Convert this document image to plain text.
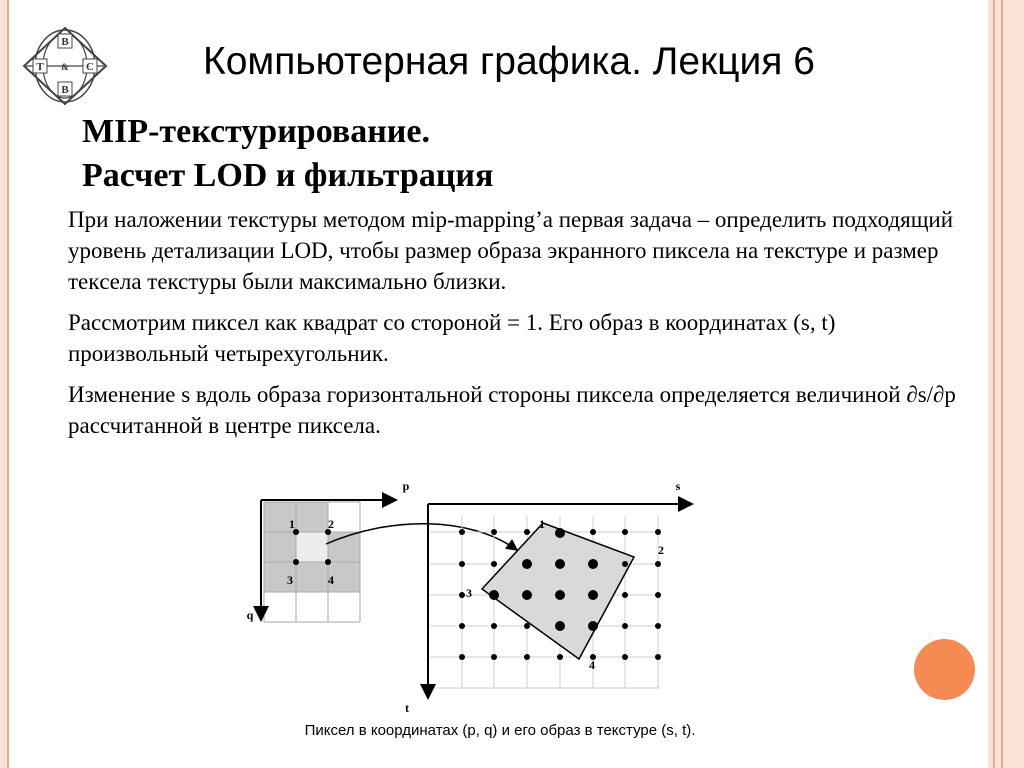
B
T	C
&
B
Компьютерная графика. Лекция 6
MIP-текстурирование.
Расчет LOD и фильтрация

При наложении текстуры методом mip-mapping’а первая задача – определить подходящий уровень детализации LOD, чтобы размер образа экранного пиксела на текстуре и размер текcела текстуры были максимально близки.

Рассмотрим пиксел как квадрат со стороной = 1. Его образ в координатах (s, t) произвольный четырехугольник.

Изменение s вдоль образа горизонтальной стороны пиксела определяется величиной ∂s/∂p рассчитанной в центре пиксела.

1	2
3	4
p
q
1
2
3
4
s
t
Пиксел в координатах (p, q) и его образ в текстуре (s, t).
